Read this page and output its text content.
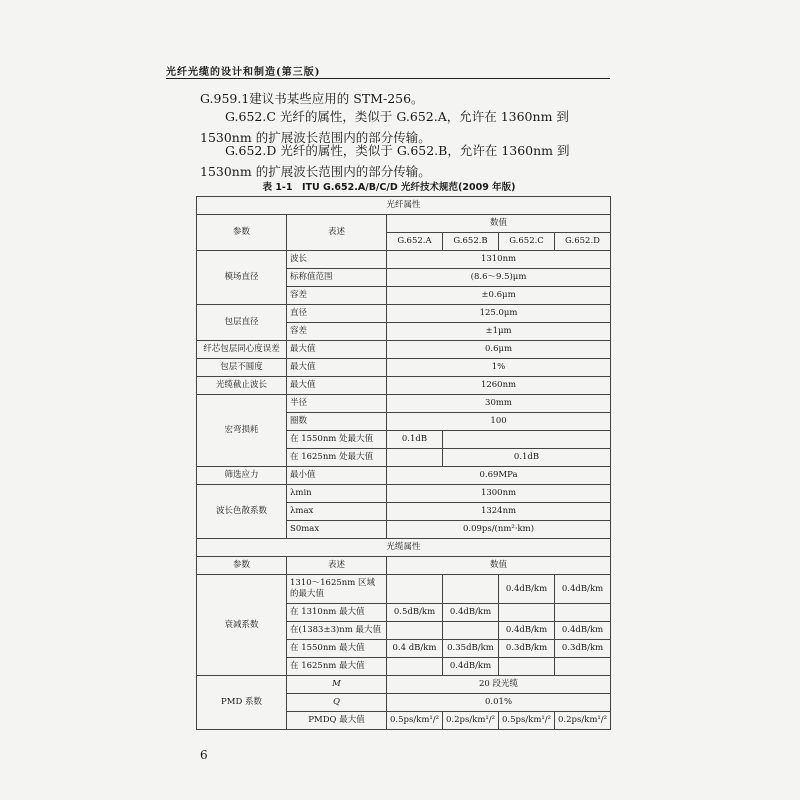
光纤光缆的设计和制造(第三版)
G.959.1建议书某些应用的 STM-256。
G.652.C 光纤的属性，类似于 G.652.A，允许在 1360nm 到 1530nm 的扩展波长范围内的部分传输。
G.652.D 光纤的属性，类似于 G.652.B，允许在 1360nm 到 1530nm 的扩展波长范围内的部分传输。
表 1-1　ITU G.652.A/B/C/D 光纤技术规范(2009 年版)
光纤属性					
参数	表述	数值			
		G.652.A	G.652.B	G.652.C	G.652.D
模场直径	波长	1310nm			
	标称值范围	(8.6～9.5)μm			
	容差	±0.6μm			
包层直径	直径	125.0μm			
	容差	±1μm			
纤芯包层同心度误差	最大值	0.6μm			
包层不圆度	最大值	1%			
光缆截止波长	最大值	1260nm			
宏弯损耗	半径	30mm			
	圈数	100			
	在 1550nm 处最大值	0.1dB			
	在 1625nm 处最大值		0.1dB		
筛选应力	最小值	0.69MPa			
波长色散系数	λmin	1300nm			
	λmax	1324nm			
	S0max	0.09ps/(nm²·km)			
光缆属性					
参数	表述	数值			
衰减系数	1310～1625nm 区域的最大值			0.4dB/km	0.4dB/km
	在 1310nm 最大值	0.5dB/km	0.4dB/km		
	在(1383±3)nm 最大值			0.4dB/km	0.4dB/km
	在 1550nm 最大值	0.4 dB/km	0.35dB/km	0.3dB/km	0.3dB/km
	在 1625nm 最大值		0.4dB/km		
PMD 系数	M	20 段光缆			
	Q	0.01%			
	PMDQ 最大值	0.5ps/km¹/²	0.2ps/km¹/²	0.5ps/km¹/²	0.2ps/km¹/²
6
